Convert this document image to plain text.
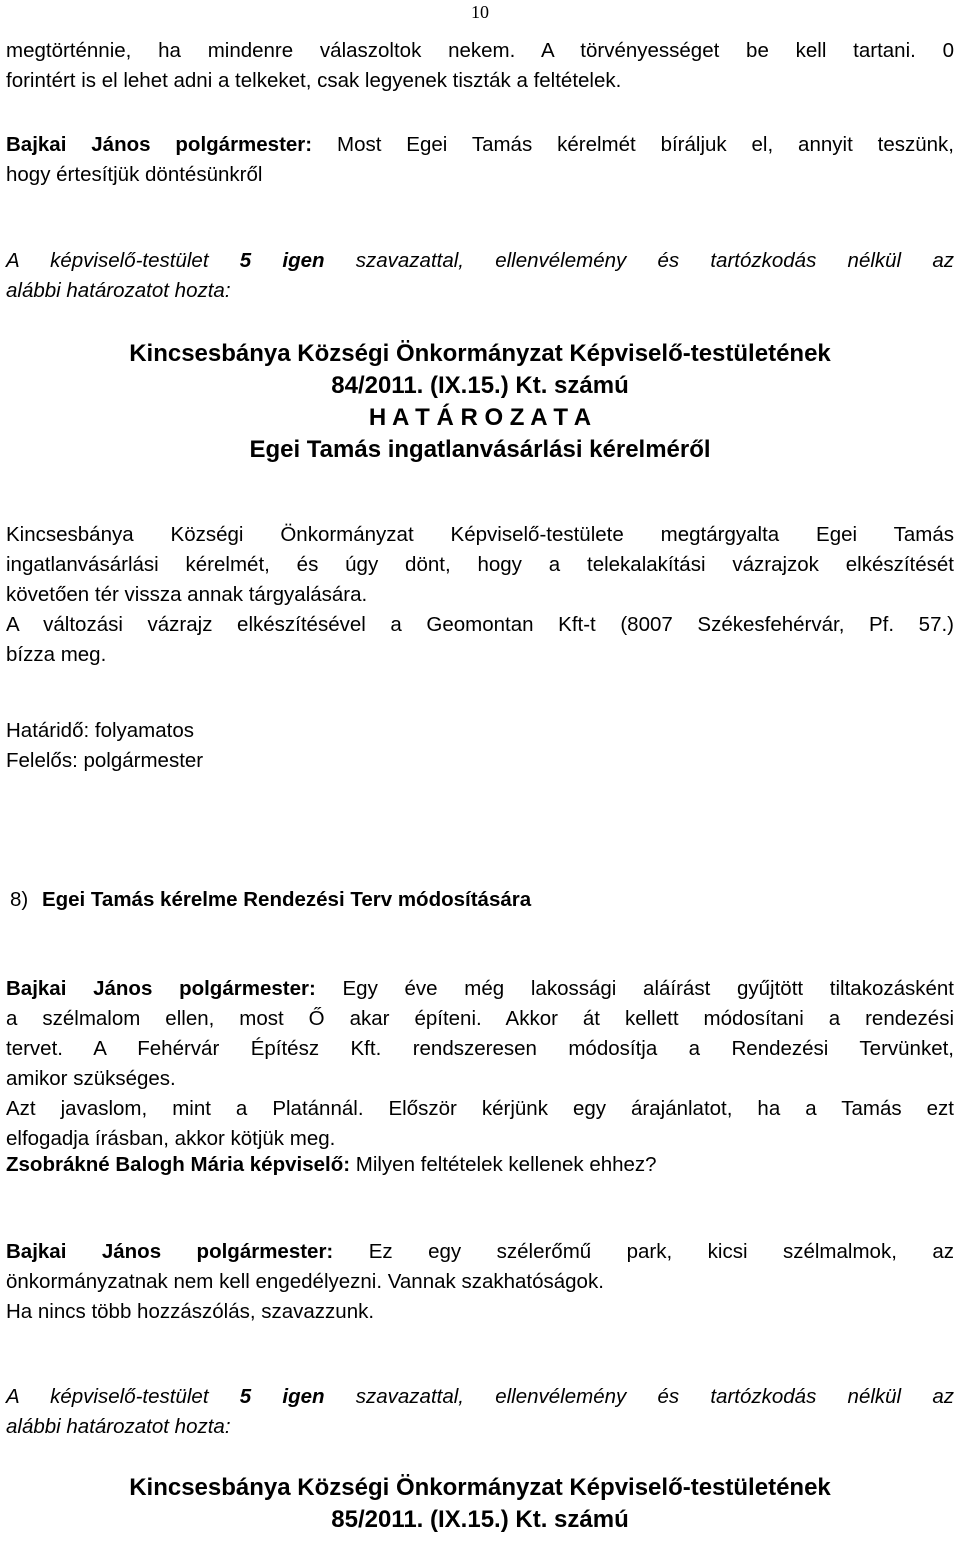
10
megtörténnie, ha mindenre válaszoltok nekem. A törvényességet be kell tartani. 0
forintért is el lehet adni a telkeket, csak legyenek tiszták a feltételek.
Bajkai János polgármester: Most Egei Tamás kérelmét bíráljuk el, annyit teszünk,
hogy értesítjük döntésünkről
A képviselő-testület 5 igen szavazattal, ellenvélemény és tartózkodás nélkül az
alábbi határozatot hozta:
Kincsesbánya Községi Önkormányzat Képviselő-testületének
84/2011. (IX.15.) Kt. számú
H A T Á R O Z A T A
Egei Tamás ingatlanvásárlási kérelméről
Kincsesbánya Községi Önkormányzat Képviselő-testülete megtárgyalta Egei Tamás
ingatlanvásárlási kérelmét, és úgy dönt, hogy a telekalakítási vázrajzok elkészítését
követően tér vissza annak tárgyalására.
A változási vázrajz elkészítésével a Geomontan Kft-t (8007 Székesfehérvár, Pf. 57.)
bízza meg.
Határidő: folyamatos
Felelős: polgármester
8) Egei Tamás kérelme Rendezési Terv módosítására
Bajkai János polgármester: Egy éve még lakossági aláírást gyűjtött tiltakozásként
a szélmalom ellen, most Ő akar építeni. Akkor át kellett módosítani a rendezési
tervet. A Fehérvár Építész Kft. rendszeresen módosítja a Rendezési Tervünket,
amikor szükséges.
Azt javaslom, mint a Platánnál. Először kérjünk egy árajánlatot, ha a Tamás ezt
elfogadja írásban, akkor kötjük meg.
Zsobrákné Balogh Mária képviselő: Milyen feltételek kellenek ehhez?
Bajkai János polgármester: Ez egy szélerőmű park, kicsi szélmalmok, az
önkormányzatnak nem kell engedélyezni. Vannak szakhatóságok.
Ha nincs több hozzászólás, szavazzunk.
A képviselő-testület 5 igen szavazattal, ellenvélemény és tartózkodás nélkül az
alábbi határozatot hozta:
Kincsesbánya Községi Önkormányzat Képviselő-testületének
85/2011. (IX.15.) Kt. számú
